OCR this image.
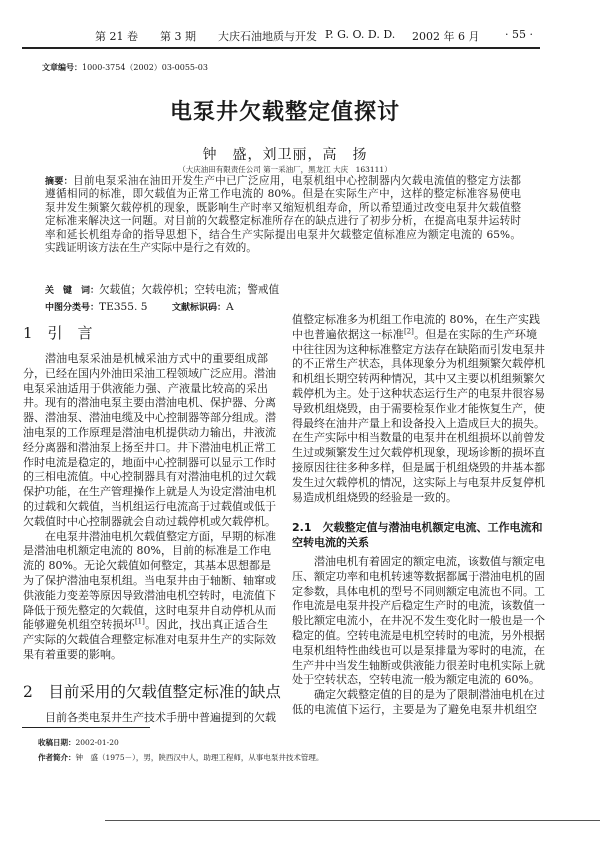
第 21 卷 第 3 期 大庆石油地质与开发 P. G. O. D. D. 2002 年 6 月 · 55 ·
文章编号：1000-3754（2002）03-0055-03
电泵井欠载整定值探讨
钟　盛，刘卫丽，高　扬
（大庆油田有限责任公司 第一采油厂，黑龙江 大庆　163111）
摘要：目前电泵采油在油田开发生产中已广泛应用，电泵机组中心控制器内欠载电流值的整定方法都
遵循相同的标准，即欠载值为正常工作电流的 80%。但是在实际生产中，这样的整定标准容易使电
泵井发生频繁欠载停机的现象，既影响生产时率又缩短机组寿命，所以希望通过改变电泵井欠载值整
定标准来解决这一问题。对目前的欠载整定标准所存在的缺点进行了初步分析，在提高电泵井运转时
率和延长机组寿命的指导思想下，结合生产实际提出电泵井欠载整定值标准应为额定电流的 65%。
实践证明该方法在生产实际中是行之有效的。
关　键　词：欠载值；欠载停机；空转电流；警戒值
中图分类号：TE355. 5	文献标识码：A
1　引　言
潜油电泵采油是机械采油方式中的重要组成部
分，已经在国内外油田采油工程领域广泛应用。潜油
电泵采油适用于供液能力强、产液量比较高的采出
井。现有的潜油电泵主要由潜油电机、保护器、分离
器、潜油泵、潜油电缆及中心控制器等部分组成。潜
油电泵的工作原理是潜油电机提供动力输出，井液流
经分离器和潜油泵上扬至井口。井下潜油电机正常工
作时电流是稳定的，地面中心控制器可以显示工作时
的三相电流值。中心控制器具有对潜油电机的过欠载
保护功能，在生产管理操作上就是人为设定潜油电机
的过载和欠载值，当机组运行电流高于过载值或低于
欠载值时中心控制器就会自动过载停机或欠载停机。
在电泵井潜油电机欠载值整定方面，早期的标准
是潜油电机额定电流的 80%，目前的标准是工作电
流的 80%。无论欠载值如何整定，其基本思想都是
为了保护潜油电泵机组。当电泵井由于轴断、轴窜或
供液能力变差等原因导致潜油电机空转时，电流值下
降低于预先整定的欠载值，这时电泵井自动停机从而
能够避免机组空转损坏[1]。因此，找出真正适合生
产实际的欠载值合理整定标准对电泵井生产的实际效
果有着重要的影响。
2　目前采用的欠载值整定标准的缺点
目前各类电泵井生产技术手册中普遍提到的欠载
收稿日期：2002-01-20
作者简介：钟　盛（1975－），男，陕西汉中人，助理工程师，从事电泵井技术管理。
值整定标准多为机组工作电流的 80%，在生产实践
中也普遍依据这一标准[2]。但是在实际的生产环境
中往往因为这种标准整定方法存在缺陷而引发电泵井
的不正常生产状态，具体现象分为机组频繁欠载停机
和机组长期空转两种情况，其中又主要以机组频繁欠
载停机为主。处于这种状态运行生产的电泵井很容易
导致机组烧毁，由于需要检泵作业才能恢复生产，使
得最终在油井产量上和设备投入上造成巨大的损失。
在生产实际中相当数量的电泵井在机组损坏以前曾发
生过或频繁发生过欠载停机现象，现场诊断的损坏直
接原因往往多种多样，但是属于机组烧毁的井基本都
发生过欠载停机的情况，这实际上与电泵井反复停机
易造成机组烧毁的经验是一致的。
2.1　欠载整定值与潜油电机额定电流、工作电流和
空转电流的关系
潜油电机有着固定的额定电流，该数值与额定电
压、额定功率和电机转速等数据都属于潜油电机的固
定参数，具体电机的型号不同则额定电流也不同。工
作电流是电泵井投产后稳定生产时的电流，该数值一
般比额定电流小，在井况不发生变化时一般也是一个
稳定的值。空转电流是电机空转时的电流，另外根据
电泵机组特性曲线也可以是泵排量为零时的电流，在
生产井中当发生轴断或供液能力很差时电机实际上就
处于空转状态，空转电流一般为额定电流的 60%。
确定欠载整定值的目的是为了限制潜油电机在过
低的电流值下运行，主要是为了避免电泵井机组空
